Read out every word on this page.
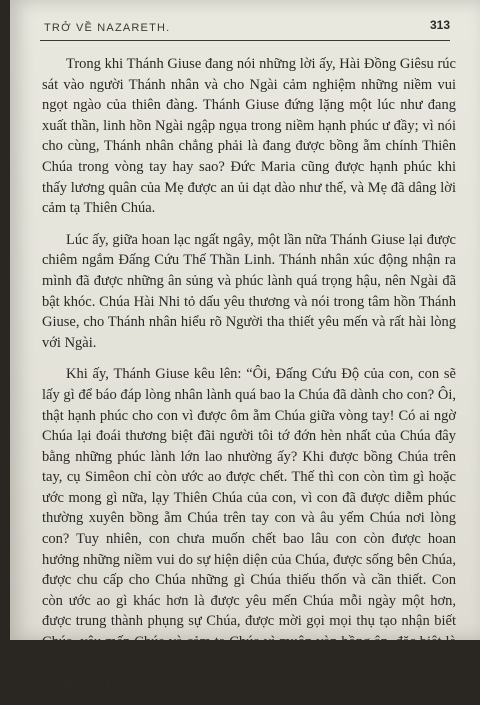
TRỞ VỀ NAZARETH.	313

Trong khi Thánh Giuse đang nói những lời ấy, Hài Đồng Giêsu rúc sát vào người Thánh nhân và cho Ngài cảm nghiệm những niềm vui ngọt ngào của thiên đàng. Thánh Giuse đứng lặng một lúc như đang xuất thần, linh hồn Ngài ngập ngụa trong niềm hạnh phúc ư đầy; vì nói cho cùng, Thánh nhân chẳng phải là đang được bồng ẵm chính Thiên Chúa trong vòng tay hay sao? Đức Maria cũng được hạnh phúc khi thấy lương quân của Mẹ được an ủi dạt dào như thế, và Mẹ đã dâng lời cảm tạ Thiên Chúa.

Lúc ấy, giữa hoan lạc ngất ngây, một lần nữa Thánh Giuse lại được chiêm ngắm Đấng Cứu Thế Thần Linh. Thánh nhân xúc động nhận ra mình đã được những ân sủng và phúc lành quá trọng hậu, nên Ngài đã bật khóc. Chúa Hài Nhi tỏ dấu yêu thương và nói trong tâm hồn Thánh Giuse, cho Thánh nhân hiểu rõ Người tha thiết yêu mến và rất hài lòng với Ngài.

Khi ấy, Thánh Giuse kêu lên: “Ôi, Đấng Cứu Độ của con, con sẽ lấy gì để báo đáp lòng nhân lành quá bao la Chúa đã dành cho con? Ôi, thật hạnh phúc cho con vì được ôm ẵm Chúa giữa vòng tay! Có ai ngờ Chúa lại đoái thương biệt đãi người tôi tớ đớn hèn nhất của Chúa đây bằng những phúc lành lớn lao nhường ấy? Khi được bồng Chúa trên tay, cụ Simêon chỉ còn ước ao được chết. Thế thì con còn tìm gì hoặc ước mong gì nữa, lạy Thiên Chúa của con, vì con đã được diễm phúc thường xuyên bồng ẵm Chúa trên tay con và âu yếm Chúa nơi lòng con? Tuy nhiên, con chưa muốn chết bao lâu con còn được hoan hưởng những niềm vui do sự hiện diện của Chúa, được sống bên Chúa, được chu cấp cho Chúa những gì Chúa thiếu thốn và cần thiết. Con còn ước ao gì khác hơn là được yêu mến Chúa mỗi ngày một hơn, được trung thành phụng sự Chúa, được mời gọi mọi thụ tạo nhận biết Chúa, yêu mến Chúa và cảm tạ Chúa vì muôn vàn hồng ân, đặc biệt là Chúa đã nhập thể làm người để cứu chuộc nhân loại chúng con? Lạy Đấng Cứu Độ của con, con chỉ tìm kiếm, chỉ khát khao và
